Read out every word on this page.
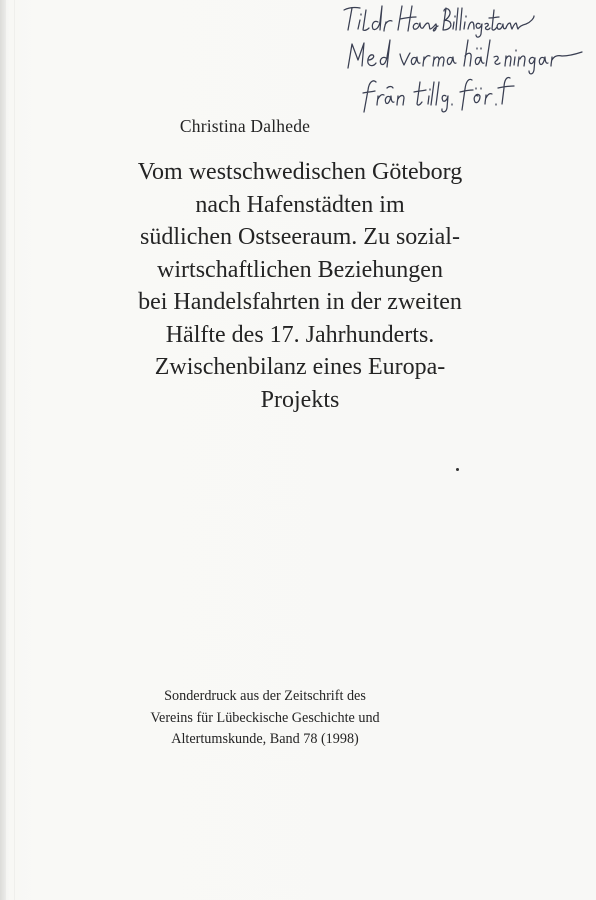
Christina Dalhede
Vom westschwedischen Göteborg
nach Hafenstädten im
südlichen Ostseeraum. Zu sozial-
wirtschaftlichen Beziehungen
bei Handelsfahrten in der zweiten
Hälfte des 17. Jahrhunderts.
Zwischenbilanz eines Europa-
Projekts
Sonderdruck aus der Zeitschrift des
Vereins für Lübeckische Geschichte und
Altertumskunde, Band 78 (1998)
